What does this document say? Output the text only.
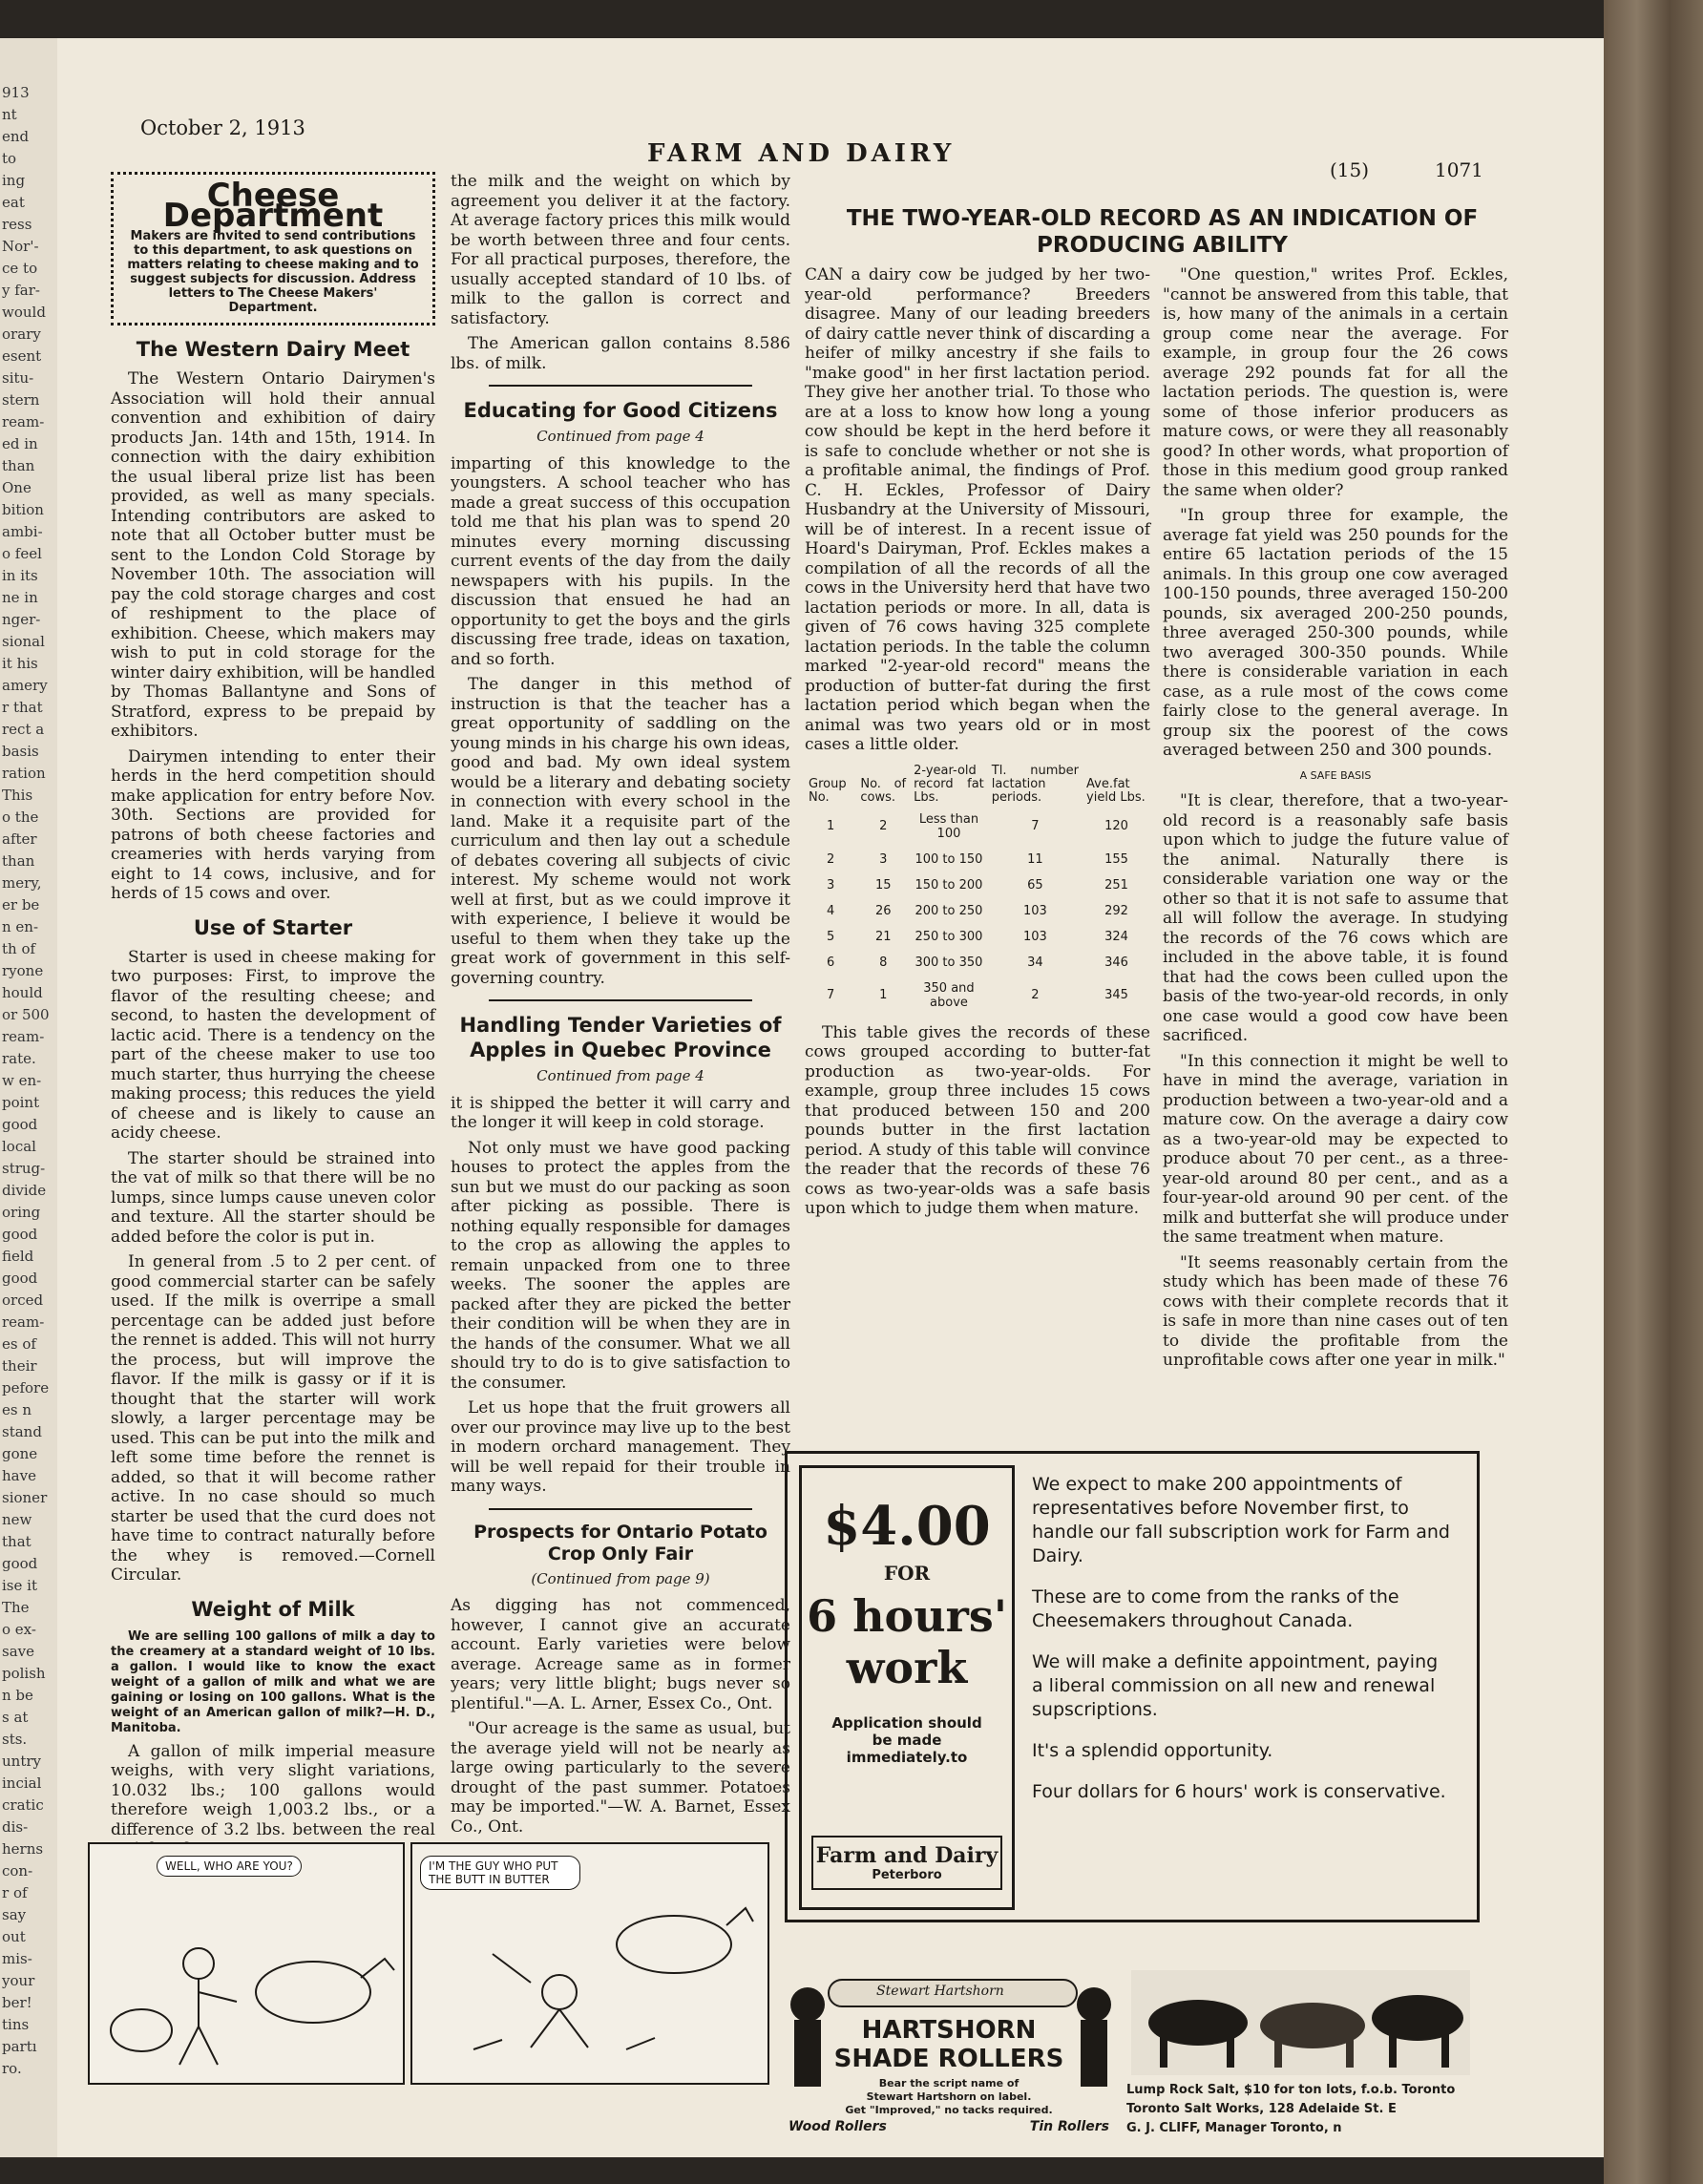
913
nt
end
to
ing
eat
ress
Nor'-
ce to
y far-
would
orary
esent
situ-
stern
ream-
ed in
than
One
bition
ambi-
o feel
in its
ne in
nger-
sional
it his
amery
r that
rect a
basis
ration
This
o the
after
than
mery,
er be
n en-
th of
ryone
hould
or 500
ream-
rate.
w en-
point
good
local
strug-
divide
oring
good
field
good
orced
ream-
es of
their
pefore
es n
stand
gone
have
sioner
new
that
good
ise it
The
o ex-
save
polish
n be
s at
sts.
untry
incial
cratic
dis-
herns
con-
r of
say
out
mis-
your
ber!
tins
partı
ro.
October 2, 1913
FARM AND DAIRY
(15)	1071
Cheese Department
Makers are invited to send contributions to this department, to ask questions on matters relating to cheese making and to suggest subjects for discussion. Address letters to The Cheese Makers' Department.
The Western Dairy Meet

The Western Ontario Dairymen's Association will hold their annual convention and exhibition of dairy products Jan. 14th and 15th, 1914. In connection with the dairy exhibition the usual liberal prize list has been provided, as well as many specials. Intending contributors are asked to note that all October butter must be sent to the London Cold Storage by November 10th. The association will pay the cold storage charges and cost of reshipment to the place of exhibition. Cheese, which makers may wish to put in cold storage for the winter dairy exhibition, will be handled by Thomas Ballantyne and Sons of Stratford, express to be prepaid by exhibitors.

Dairymen intending to enter their herds in the herd competition should make application for entry before Nov. 30th. Sections are provided for patrons of both cheese factories and creameries with herds varying from eight to 14 cows, inclusive, and for herds of 15 cows and over.

Use of Starter

Starter is used in cheese making for two purposes: First, to improve the flavor of the resulting cheese; and second, to hasten the development of lactic acid. There is a tendency on the part of the cheese maker to use too much starter, thus hurrying the cheese making process; this reduces the yield of cheese and is likely to cause an acidy cheese.

The starter should be strained into the vat of milk so that there will be no lumps, since lumps cause uneven color and texture. All the starter should be added before the color is put in.

In general from .5 to 2 per cent. of good commercial starter can be safely used. If the milk is overripe a small percentage can be added just before the rennet is added. This will not hurry the process, but will improve the flavor. If the milk is gassy or if it is thought that the starter will work slowly, a larger percentage may be used. This can be put into the milk and left some time before the rennet is added, so that it will become rather active. In no case should so much starter be used that the curd does not have time to contract naturally before the whey is removed.—Cornell Circular.

Weight of Milk

We are selling 100 gallons of milk a day to the creamery at a standard weight of 10 lbs. a gallon. I would like to know the exact weight of a gallon of milk and what we are gaining or losing on 100 gallons. What is the weight of an American gallon of milk?—H. D., Manitoba.

A gallon of milk imperial measure weighs, with very slight variations, 10.032 lbs.; 100 gallons would therefore weigh 1,003.2 lbs., or a difference of 3.2 lbs. between the real

the milk and the weight on which by agreement you deliver it at the factory. At average factory prices this milk would be worth between three and four cents. For all practical purposes, therefore, the usually accepted standard of 10 lbs. of milk to the gallon is correct and satisfactory.

The American gallon contains 8.586 lbs. of milk.

Educating for Good Citizens
Continued from page 4

imparting of this knowledge to the youngsters. A school teacher who has made a great success of this occupation told me that his plan was to spend 20 minutes every morning discussing current events of the day from the daily newspapers with his pupils. In the discussion that ensued he had an opportunity to get the boys and the girls discussing free trade, ideas on taxation, and so forth.

The danger in this method of instruction is that the teacher has a great opportunity of saddling on the young minds in his charge his own ideas, good and bad. My own ideal system would be a literary and debating society in connection with every school in the land. Make it a requisite part of the curriculum and then lay out a schedule of debates covering all subjects of civic interest. My scheme would not work well at first, but as we could improve it with experience, I believe it would be useful to them when they take up the great work of government in this self-governing country.

Handling Tender Varieties of Apples in Quebec Province
Continued from page 4

it is shipped the better it will carry and the longer it will keep in cold storage.

Not only must we have good packing houses to protect the apples from the sun but we must do our packing as soon after picking as possible. There is nothing equally responsible for damages to the crop as allowing the apples to remain unpacked from one to three weeks. The sooner the apples are packed after they are picked the better their condition will be when they are in the hands of the consumer. What we all should try to do is to give satisfaction to the consumer.

Let us hope that the fruit growers all over our province may live up to the best in modern orchard management. They will be well repaid for their trouble in many ways.

Prospects for Ontario Potato Crop Only Fair
(Continued from page 9)

As digging has not commenced, however, I cannot give an accurate account. Early varieties were below average. Acreage same as in former years; very little blight; bugs never so plentiful."—A. L. Arner, Essex Co., Ont.

"Our acreage is the same as usual, but the average yield will not be nearly as large owing particularly to the severe drought of the past summer. Potatoes may be imported."—W. A. Barnet, Essex Co., Ont.

THE TWO-YEAR-OLD RECORD AS AN INDICATION OF PRODUCING ABILITY

CAN a dairy cow be judged by her two-year-old performance? Breeders disagree. Many of our leading breeders of dairy cattle never think of discarding a heifer of milky ancestry if she fails to "make good" in her first lactation period. They give her another trial. To those who are at a loss to know how long a young cow should be kept in the herd before it is safe to conclude whether or not she is a profitable animal, the findings of Prof. C. H. Eckles, Professor of Dairy Husbandry at the University of Missouri, will be of interest. In a recent issue of Hoard's Dairyman, Prof. Eckles makes a compilation of all the records of all the cows in the University herd that have two lactation periods or more. In all, data is given of 76 cows having 325 complete lactation periods. In the table the column marked "2-year-old record" means the production of butter-fat during the first lactation period which began when the animal was two years old or in most cases a little older.

Group No.	No. of cows.	2-year-old record fat Lbs.	Tl. number lactation periods.	Ave.fat yield Lbs.
1	2	Less than 100	7	120
2	3	100 to 150	11	155
3	15	150 to 200	65	251
4	26	200 to 250	103	292
5	21	250 to 300	103	324
6	8	300 to 350	34	346
7	1	350 and above	2	345

This table gives the records of these cows grouped according to butter-fat production as two-year-olds. For example, group three includes 15 cows that produced between 150 and 200 pounds butter in the first lactation period. A study of this table will convince the reader that the records of these 76 cows as two-year-olds was a safe basis upon which to judge them when mature.

"One question," writes Prof. Eckles, "cannot be answered from this table, that is, how many of the animals in a certain group come near the average. For example, in group four the 26 cows average 292 pounds fat for all the lactation periods. The question is, were some of those inferior producers as mature cows, or were they all reasonably good? In other words, what proportion of those in this medium good group ranked the same when older?

"In group three for example, the average fat yield was 250 pounds for the entire 65 lactation periods of the 15 animals. In this group one cow averaged 100-150 pounds, three averaged 150-200 pounds, six averaged 200-250 pounds, three averaged 250-300 pounds, while two averaged 300-350 pounds. While there is considerable variation in each case, as a rule most of the cows come fairly close to the general average. In group six the poorest of the cows averaged between 250 and 300 pounds.

A SAFE BASIS

"It is clear, therefore, that a two-year-old record is a reasonably safe basis upon which to judge the future value of the animal. Naturally there is considerable variation one way or the other so that it is not safe to assume that all will follow the average. In studying the records of the 76 cows which are included in the above table, it is found that had the cows been culled upon the basis of the two-year-old records, in only one case would a good cow have been sacrificed.

"In this connection it might be well to have in mind the average, variation in production between a two-year-old and a mature cow. On the average a dairy cow as a two-year-old may be expected to produce about 70 per cent., as a three-year-old around 80 per cent., and as a four-year-old around 90 per cent. of the milk and butterfat she will produce under the same treatment when mature.

"It seems reasonably certain from the study which has been made of these 76 cows with their complete records that it is safe in more than nine cases out of ten to divide the profitable from the unprofitable cows after one year in milk."

$4.00
FOR
6 hours'
work
Application should be made immediately.to
Farm and Dairy
Peterboro

We expect to make 200 appointments of representatives before November first, to handle our fall subscription work for Farm and Dairy.

These are to come from the ranks of the Cheesemakers throughout Canada.

We will make a definite appointment, paying a liberal commission on all new and renewal supscriptions.

It's a splendid opportunity.

Four dollars for 6 hours' work is conservative.

Stewart Hartshorn
HARTSHORN
SHADE ROLLERS
Bear the script name of
Stewart Hartshorn on label.
Get "Improved," no tacks required.
Wood Rollers	Tin Rollers
Lump Rock Salt, $10 for ton lots, f.o.b. Toronto
Toronto Salt Works, 128 Adelaide St. E
G. J. CLIFF, Manager Toronto, n
WELL, WHO ARE YOU?	I'M THE GUY WHO PUT THE BUTT IN BUTTER
